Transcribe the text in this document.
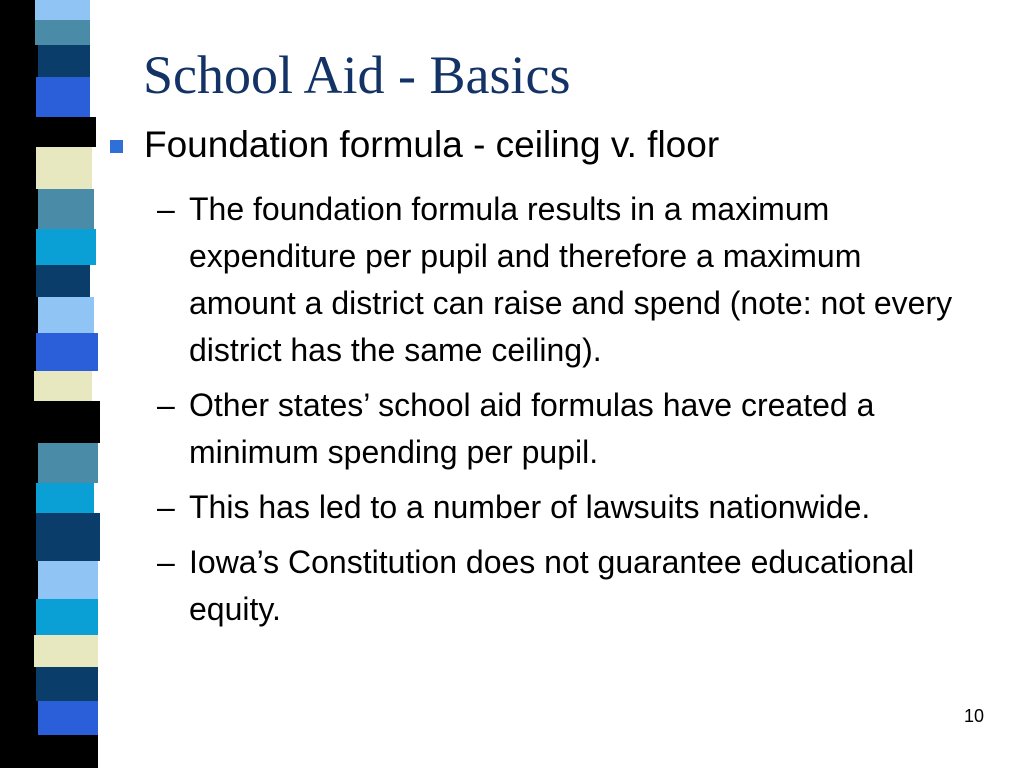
School Aid - Basics
Foundation formula - ceiling v. floor
– The foundation formula results in a maximum expenditure per pupil and therefore a maximum amount a district can raise and spend (note: not every district has the same ceiling).
– Other states’ school aid formulas have created a minimum spending per pupil.
– This has led to a number of lawsuits nationwide.
– Iowa’s Constitution does not guarantee educational equity.
10
